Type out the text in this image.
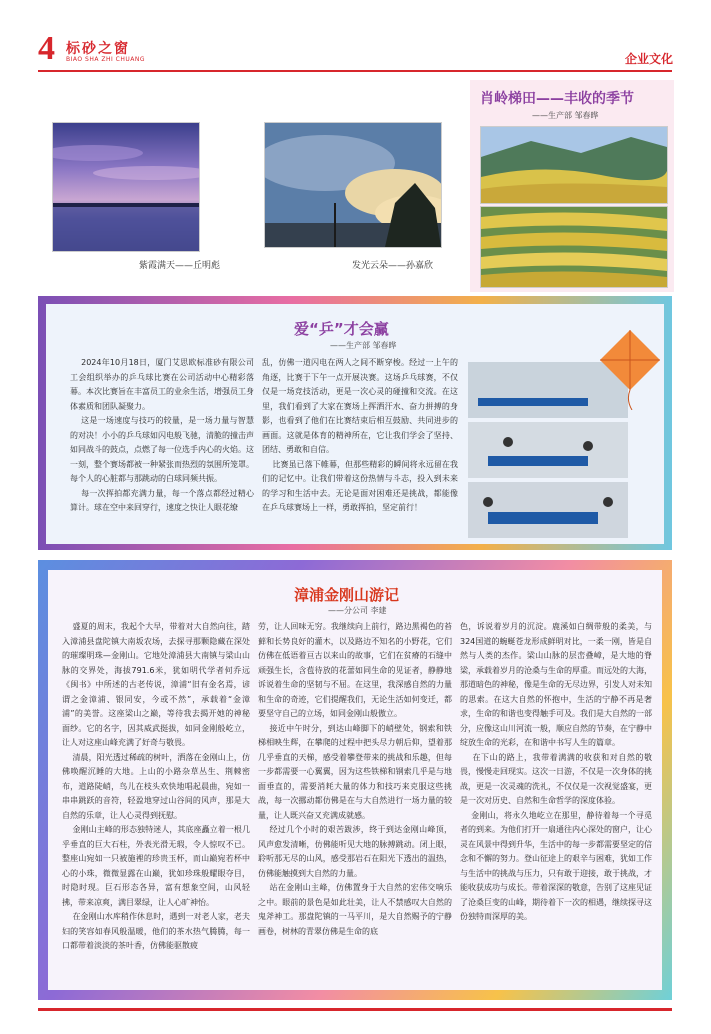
4 标砂之窗
BIAO SHA ZHI CHUANG	企业文化
紫霞满天——丘明彪	发光云朵——孙嘉欣
肖岭梯田——丰收的季节
——生产部 邹春晔
爱“乒”才会赢
——生产部 邹春晔
2024年10月18日，厦门艾思欧标准砂有限公司工会组织举办的乒乓球比赛在公司活动中心精彩落幕。本次比赛旨在丰富员工的业余生活，增强员工身体素质和团队凝聚力。
这是一场速度与技巧的较量，是一场力量与智慧的对决！小小的乒乓球如闪电般飞驰，清脆的撞击声如同战斗的鼓点，点燃了每一位选手内心的火焰。这一刻，整个赛场都被一种紧张而热烈的氛围所笼罩。每个人的心脏都与那跳动的白球同频共振。
每一次挥拍都充满力量，每一个落点都经过精心算计。球在空中来回穿行，速度之快让人眼花缭
乱，仿佛一道闪电在两人之间不断穿梭。经过一上午的角逐，比赛于下午一点开展决赛。这场乒乓球赛，不仅仅是一场竞技活动，更是一次心灵的碰撞和交流。在这里，我们看到了大家在赛场上挥洒汗水、奋力拼搏的身影，也看到了他们在比赛结束后相互鼓励、共同进步的画面。这就是体育的精神所在，它让我们学会了坚持、团结、勇敢和自信。
比赛虽已落下帷幕，但那些精彩的瞬间将永远留在我们的记忆中。让我们带着这份热情与斗志，投入到未来的学习和生活中去。无论是面对困难还是挑战，都能像在乒乓球赛场上一样，勇敢挥拍，坚定前行！
漳浦金刚山游记
——分公司 李建
盛夏的周末，我起个大早，带着对大自然向往，踏入漳浦县盘陀镇大南坂农场，去探寻那颗隐藏在深处的璀璨明珠—金刚山。它地处漳浦县大南镇与梁山山脉的交界处，海拔791.6米，犹如明代学者何乔远《闽书》中所述的古老传说，漳浦“旧有金名焉，谚谓之金漳浦、银同安，今或不然”，承载着“金漳浦”的美誉。这座梁山之巅，等待我去揭开她的神秘面纱。它的名字，因其威武挺拔，如同金刚般屹立，让人对这座山峰充满了好奇与敬畏。
清晨，阳光透过稀疏的树叶，洒落在金刚山上，仿佛唤醒沉睡的大地。上山的小路杂草丛生、荆棘密布，道路陡峭，鸟儿在枝头欢快地唱起晨曲，宛如一串串跳跃的音符，轻盈地穿过山谷间的风声，那是大自然的乐章，让人心灵得到抚慰。
金刚山主峰的形态独特迷人，其底座矗立着一根几乎垂直的巨大石柱，外表光滑无瑕，令人惊叹不已。整座山宛如一只被施裡的珍贵玉杯，而山巅宛若杯中心的小珠，微微显露在山巅，犹如珍珠般耀眼夺目，时隐时现。巨石形态各异，富有想象空间，山风轻拂，带来凉爽，满目翠绿，让人心旷神怡。
在金刚山水库稍作休息时，遇到一对老人家，老夫妇的笑容如春风般温暖，他们的茶水热气腾腾，每一口都带着淡淡的茶叶香，仿佛能驱散疲
劳，让人回味无穷。我继续向上前行，路边黑褐色的苔藓和长势良好的灌木，以及路边不知名的小野花，它们仿佛在低语着亘古以来山的故事，它们在贫瘠的石缝中顽强生长，含苞待放的花蕾如同生命的见证者，静静地诉说着生命的坚韧与不屈。在这里，我深感自然的力量和生命的奇迹，它们提醒我们，无论生活如何变迁，都要坚守自己的立场，如同金刚山般傲立。
接近中午时分，到达山峰脚下的峭壁处，钢索和铁梯相映生辉，在攀爬的过程中把头尽力朝后仰，望着那几乎垂直的天梯，感受着攀登带来的挑战和乐趣，但每一步都需要一心翼翼，因为这些铁梯和钢索几乎是与地面垂直的，需要消耗大量的体力和技巧来克服这些挑战，每一次挪动都仿佛是在与大自然进行一场力量的较量，让人既兴奋又充满成就感。
经过几个小时的艰苦跋涉，终于到达金刚山峰顶，风声愈发清晰，仿佛能听见大地的脉搏跳动。闭上眼，聆听那无尽的山风，感受那岩石在阳光下透出的温热，仿佛能触摸到大自然的力量。
站在金刚山主峰，仿佛置身于大自然的宏伟交响乐之中。眼前的景色是如此壮美，让人不禁感叹大自然的鬼斧神工。那盘陀镇的一马平川，是大自然赐予的宁静画卷，树林的青翠仿佛是生命的底
色，诉说着岁月的沉淀。鹿溪如白绸带般的柔美，与324国道的蜿蜒苍龙形成鲜明对比，一柔一刚，皆是自然与人类的杰作。梁山山脉的层峦叠嶂，是大地的脊梁，承载着岁月的沧桑与生命的厚重。而远处的大海，那道暗色的神秘，像是生命的无尽边界，引发人对未知的思索。在这大自然的怀抱中，生活的宁静不再是奢求，生命的和谐也变得触手可及。我们是大自然的一部分，应像这山川河流一般，顺应自然的节奏，在宁静中绽放生命的光彩，在和谐中书写人生的篇章。
在下山的路上，我带着满满的收获和对自然的敬畏，慢慢走回现实。这次一日游，不仅是一次身体的挑战，更是一次灵魂的洗礼，不仅仅是一次视觉盛宴，更是一次对历史、自然和生命哲学的深度体验。
金刚山，将永久地屹立在那里，静待着每一个寻觅者的到来。为他们打开一扇通往内心深处的窗户，让心灵在风景中得到升华，生活中的每一步都需要坚定的信念和不懈的努力。登山征途上的艰辛与困难，犹如工作与生活中的挑战与压力，只有敢于迎接，敢于挑战，才能收获成功与成长。带着深深的敬意，告别了这座见证了沧桑巨变的山峰，期待着下一次的相遇，继续探寻这份独特而深厚的美。
